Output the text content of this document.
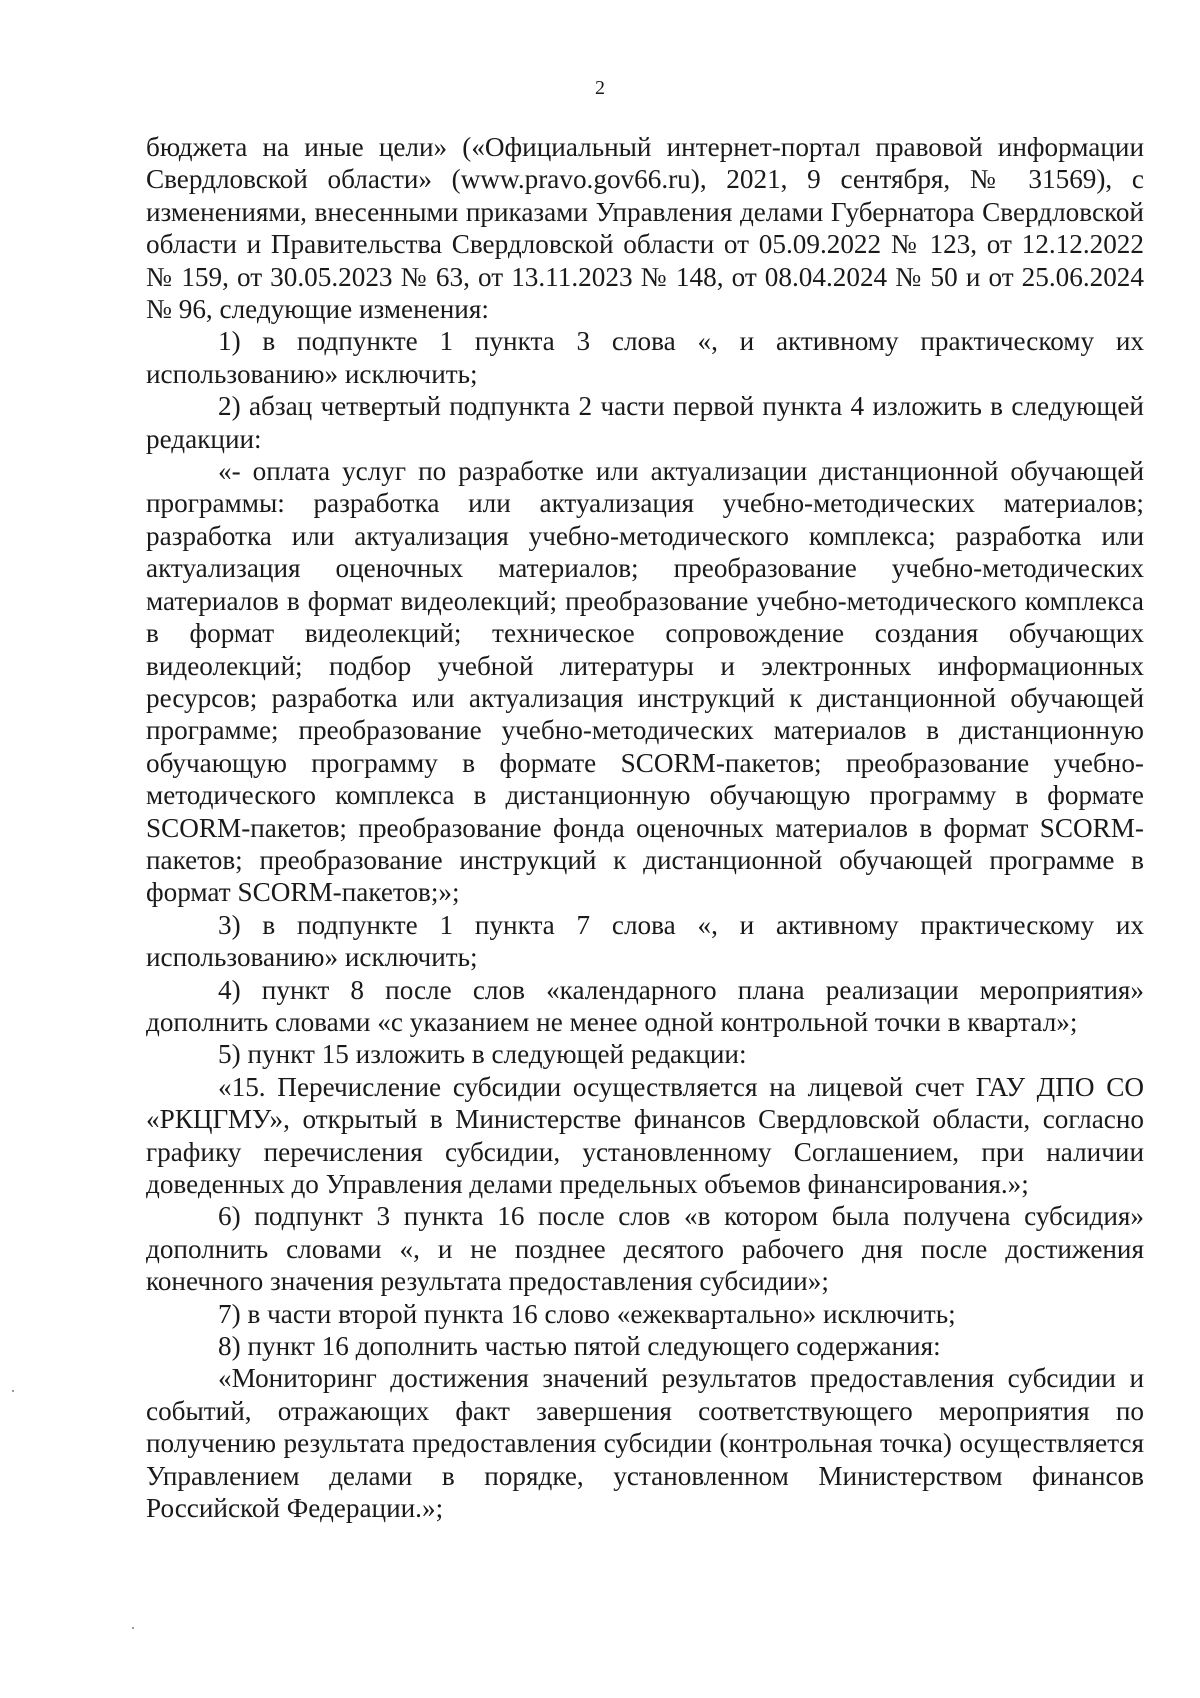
2

бюджета на иные цели» («Официальный интернет-портал правовой информации Свердловской области» (www.pravo.gov66.ru), 2021, 9 сентября, № 31569), с изменениями, внесенными приказами Управления делами Губернатора Свердловской области и Правительства Свердловской области от 05.09.2022 № 123, от 12.12.2022 № 159, от 30.05.2023 № 63, от 13.11.2023 № 148, от 08.04.2024 № 50 и от 25.06.2024 № 96, следующие изменения:

1) в подпункте 1 пункта 3 слова «, и активному практическому их использованию» исключить;

2) абзац четвертый подпункта 2 части первой пункта 4 изложить в следующей редакции:

«- оплата услуг по разработке или актуализации дистанционной обучающей программы: разработка или актуализация учебно-методических материалов; разработка или актуализация учебно-методического комплекса; разработка или актуализация оценочных материалов; преобразование учебно-методических материалов в формат видеолекций; преобразование учебно-методического комплекса в формат видеолекций; техническое сопровождение создания обучающих видеолекций; подбор учебной литературы и электронных информационных ресурсов; разработка или актуализация инструкций к дистанционной обучающей программе; преобразование учебно-методических материалов в дистанционную обучающую программу в формате SCORM-пакетов; преобразование учебно-методического комплекса в дистанционную обучающую программу в формате SCORM-пакетов; преобразование фонда оценочных материалов в формат SCORM-пакетов; преобразование инструкций к дистанционной обучающей программе в формат SCORM-пакетов;»;

3) в подпункте 1 пункта 7 слова «, и активному практическому их использованию» исключить;

4) пункт 8 после слов «календарного плана реализации мероприятия» дополнить словами «с указанием не менее одной контрольной точки в квартал»;

5) пункт 15 изложить в следующей редакции:

«15. Перечисление субсидии осуществляется на лицевой счет ГАУ ДПО СО «РКЦГМУ», открытый в Министерстве финансов Свердловской области, согласно графику перечисления субсидии, установленному Соглашением, при наличии доведенных до Управления делами предельных объемов финансирования.»;

6) подпункт 3 пункта 16 после слов «в котором была получена субсидия» дополнить словами «, и не позднее десятого рабочего дня после достижения конечного значения результата предоставления субсидии»;

7) в части второй пункта 16 слово «ежеквартально» исключить;

8) пункт 16 дополнить частью пятой следующего содержания:

«Мониторинг достижения значений результатов предоставления субсидии и событий, отражающих факт завершения соответствующего мероприятия по получению результата предоставления субсидии (контрольная точка) осуществляется Управлением делами в порядке, установленном Министерством финансов Российской Федерации.»;
